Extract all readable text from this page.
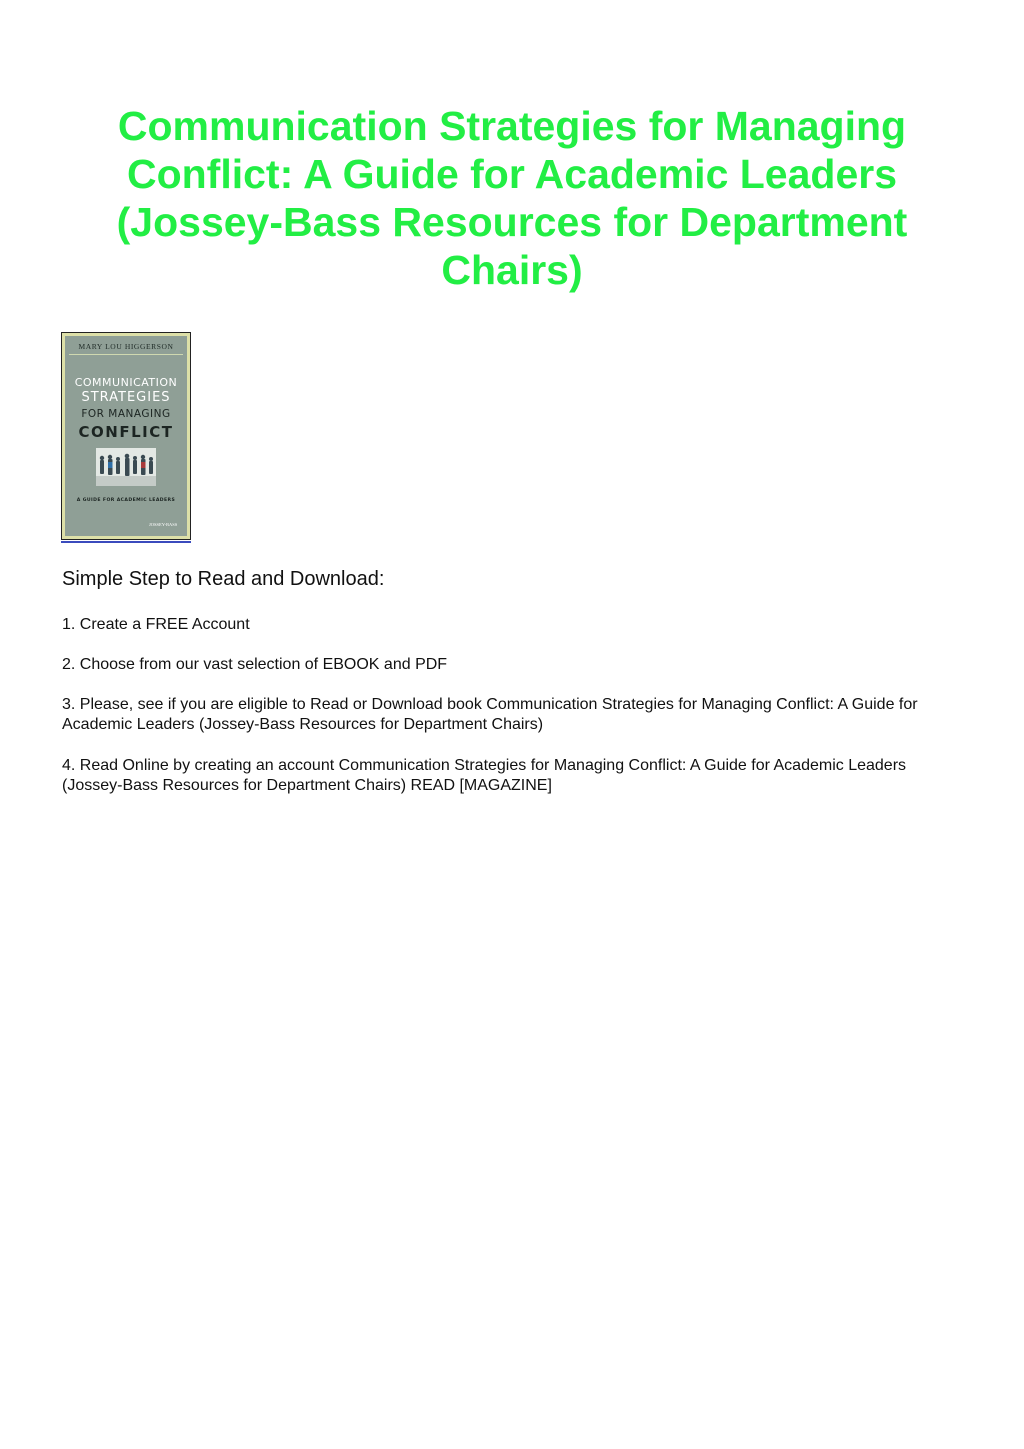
Communication Strategies for Managing Conflict: A Guide for Academic Leaders (Jossey-Bass Resources for Department Chairs)
MARY LOU HIGGERSON
COMMUNICATION
STRATEGIES
FOR MANAGING
CONFLICT
A GUIDE FOR ACADEMIC LEADERS
JOSSEY-BASS
Simple Step to Read and Download:

1. Create a FREE Account

2. Choose from our vast selection of EBOOK and PDF

3. Please, see if you are eligible to Read or Download book Communication Strategies for Managing Conflict: A Guide for Academic Leaders (Jossey-Bass Resources for Department Chairs)

4. Read Online by creating an account Communication Strategies for Managing Conflict: A Guide for Academic Leaders (Jossey-Bass Resources for Department Chairs) READ [MAGAZINE]
